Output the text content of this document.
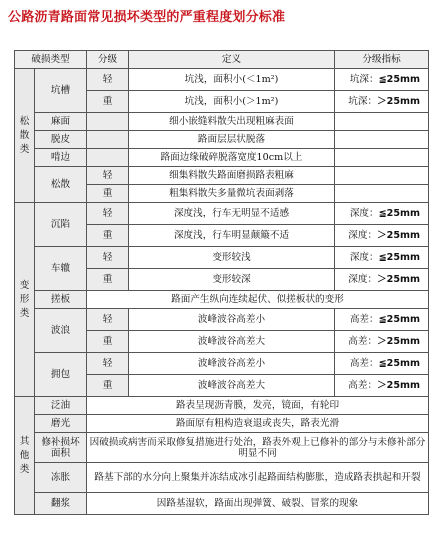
公路沥青路面常见损坏类型的严重程度划分标准
破损类型		分级	定义	分级指标

松
散
类	坑槽	轻	坑浅，面积小(＜1m²)	坑深：≦25mm
		重	坑浅，面积小(＞1m²)	坑深：＞25mm
	麻面		细小嵌缝料散失出现粗麻表面	
	脱皮		路面层层状脱落	
	啃边		路面边缘破碎脱落宽度10cm以上	
	松散	轻	细集料散失路面磨损路表粗麻	
		重	粗集料散失多量微坑表面剥落	

变
形
类	沉陷	轻	深度浅，行车无明显不适感	深度：≦25mm
		重	深度浅，行车明显颠簸不适	深度：＞25mm
	车辙	轻	变形较浅	深度：≦25mm
		重	变形较深	深度：＞25mm
	搓板	路面产生纵向连续起伏、似搓板状的变形		
	波浪	轻	波峰波谷高差小	高差：≦25mm
		重	波峰波谷高差大	高差：＞25mm
	拥包	轻	波峰波谷高差小	高差：≦25mm
		重	波峰波谷高差大	高差：＞25mm

其
他
类	泛油	路表呈现沥青膜，发亮，镜面，有轮印		
	磨光	路面原有粗构造衰退或丧失，路表光滑		
	修补损坏面积	因破损或病害而采取修复措施进行处治，路表外观上已修补的部分与未修补部分明显不同		
	冻胀	路基下部的水分向上聚集并冻结成冰引起路面结构膨胀，造成路表拱起和开裂		
	翻浆	因路基湿软，路面出现弹簧、破裂、冒浆的现象		
